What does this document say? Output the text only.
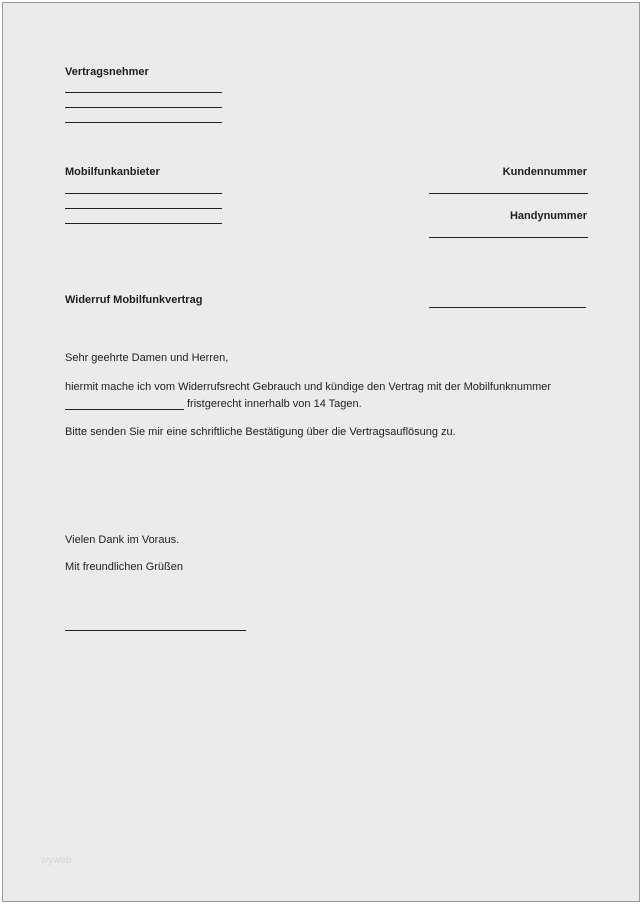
Vertragsnehmer
Mobilfunkanbieter	Kundennummer
Handynummer
Widerruf Mobilfunkvertrag
Sehr geehrte Damen und Herren,
hiermit mache ich vom Widerrufsrecht Gebrauch und kündige den Vertrag mit der Mobilfunknummer
fristgerecht innerhalb von 14 Tagen.
Bitte senden Sie mir eine schriftliche Bestätigung über die Vertragsauflösung zu.
Vielen Dank im Voraus.
Mit freundlichen Grüßen
wyweb
